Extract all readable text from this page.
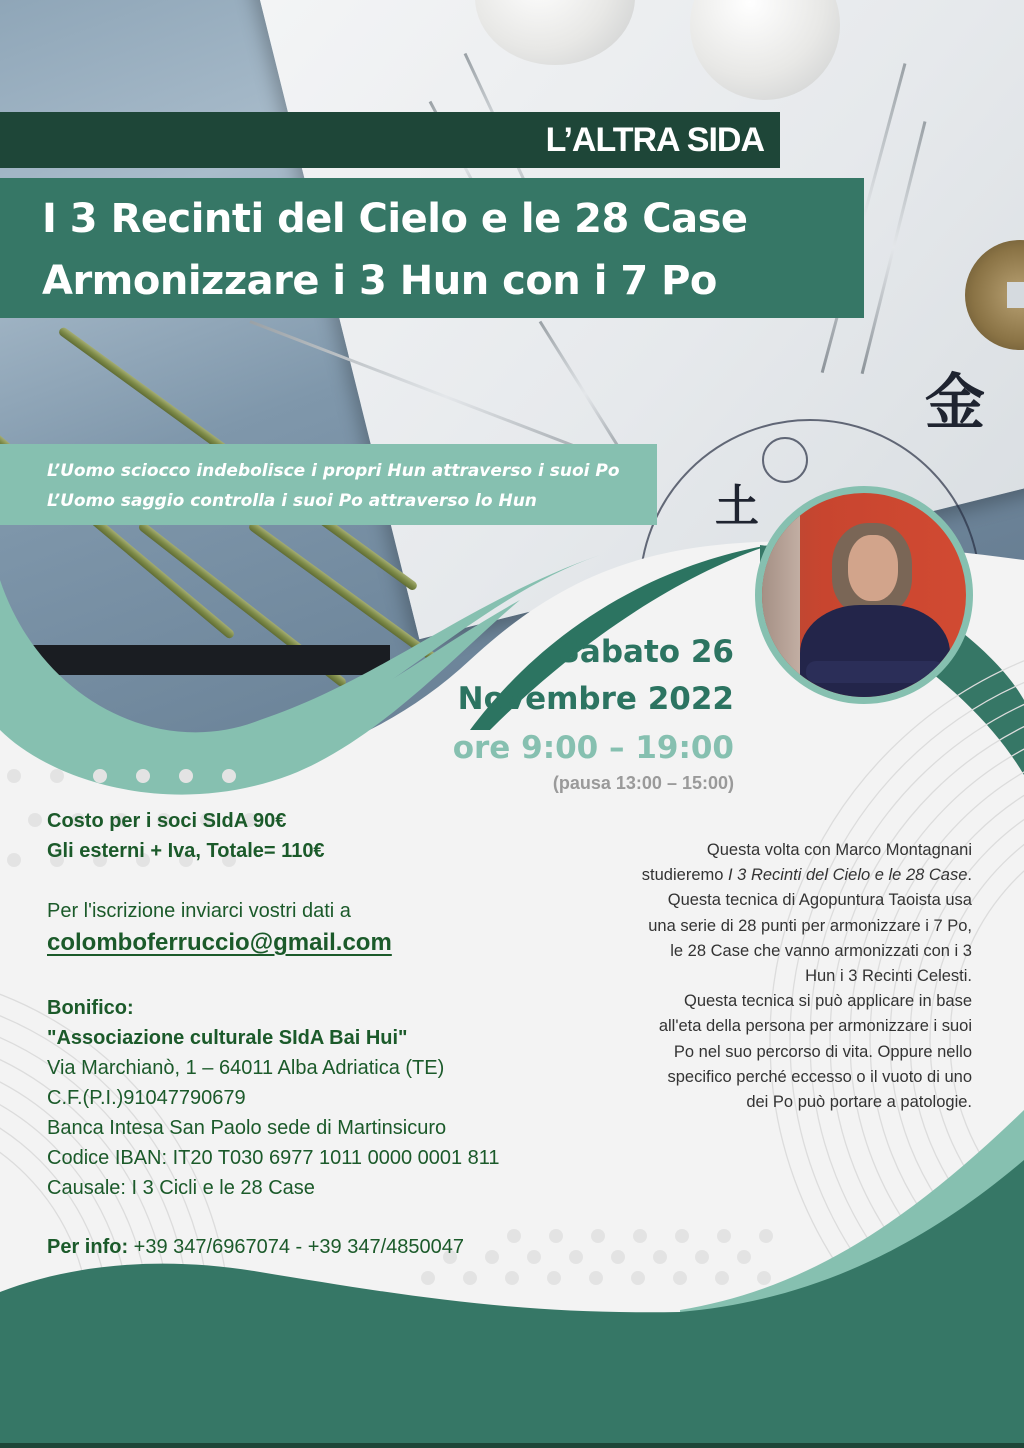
金
土
L’ALTRA SIDA
I 3 Recinti del Cielo e le 28 Case
Armonizzare i 3 Hun con i 7 Po
L’Uomo sciocco indebolisce i propri Hun attraverso i suoi Po
L’Uomo saggio controlla i suoi Po attraverso lo Hun
Sabato 26
Novembre 2022
ore 9:00 – 19:00
(pausa 13:00 – 15:00)
Costo per i soci SIdA 90€
Gli esterni + Iva, Totale= 110€
Per l'iscrizione inviarci vostri dati a
colomboferruccio@gmail.com
Bonifico:
"Associazione culturale SIdA Bai Hui"
Via Marchianò, 1 – 64011 Alba Adriatica (TE)
C.F.(P.I.)91047790679
Banca Intesa San Paolo sede di Martinsicuro
Codice IBAN: IT20 T030 6977 1011 0000 0001 811
Causale: I 3 Cicli e le 28 Case
Per info: +39 347/6967074 - +39 347/4850047
Questa volta con Marco Montagnani
studieremo I 3 Recinti del Cielo e le 28 Case.
Questa tecnica di Agopuntura Taoista usa
una serie di 28 punti per armonizzare i 7 Po,
le 28 Case che vanno armonizzati con i 3
Hun i 3 Recinti Celesti.
Questa tecnica si può applicare in base
all'eta della persona per armonizzare i suoi
Po nel suo percorso di vita. Oppure nello
specifico perché eccesso o il vuoto di uno
dei Po può portare a patologie.
